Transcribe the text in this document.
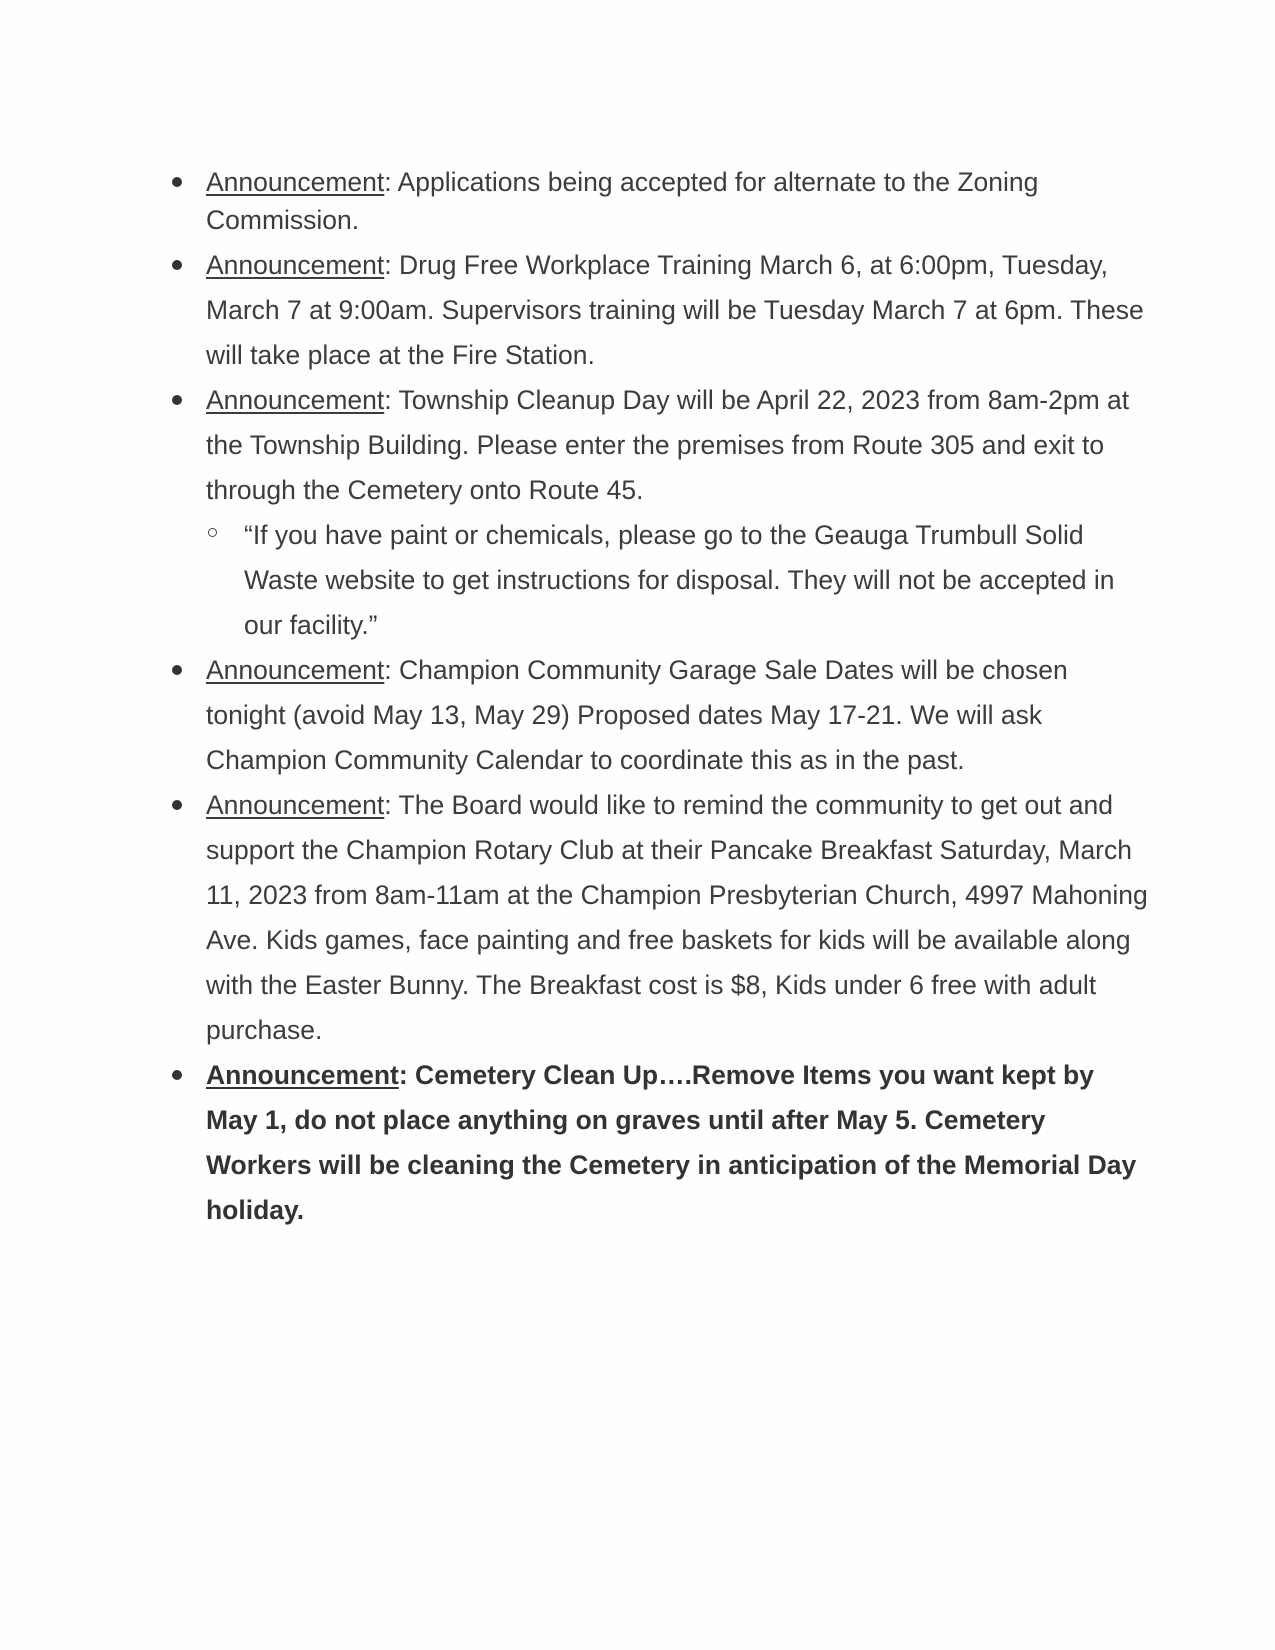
Announcement: Applications being accepted for alternate to the Zoning Commission.
Announcement: Drug Free Workplace Training March 6, at 6:00pm, Tuesday, March 7 at 9:00am. Supervisors training will be Tuesday March 7 at 6pm. These will take place at the Fire Station.
Announcement: Township Cleanup Day will be April 22, 2023 from 8am-2pm at the Township Building. Please enter the premises from Route 305 and exit to through the Cemetery onto Route 45.
“If you have paint or chemicals, please go to the Geauga Trumbull Solid Waste website to get instructions for disposal. They will not be accepted in our facility.”
Announcement: Champion Community Garage Sale Dates will be chosen tonight (avoid May 13, May 29) Proposed dates May 17-21. We will ask Champion Community Calendar to coordinate this as in the past.
Announcement: The Board would like to remind the community to get out and support the Champion Rotary Club at their Pancake Breakfast Saturday, March 11, 2023 from 8am-11am at the Champion Presbyterian Church, 4997 Mahoning Ave. Kids games, face painting and free baskets for kids will be available along with the Easter Bunny. The Breakfast cost is $8, Kids under 6 free with adult purchase.
Announcement: Cemetery Clean Up….Remove Items you want kept by May 1, do not place anything on graves until after May 5. Cemetery Workers will be cleaning the Cemetery in anticipation of the Memorial Day holiday.
